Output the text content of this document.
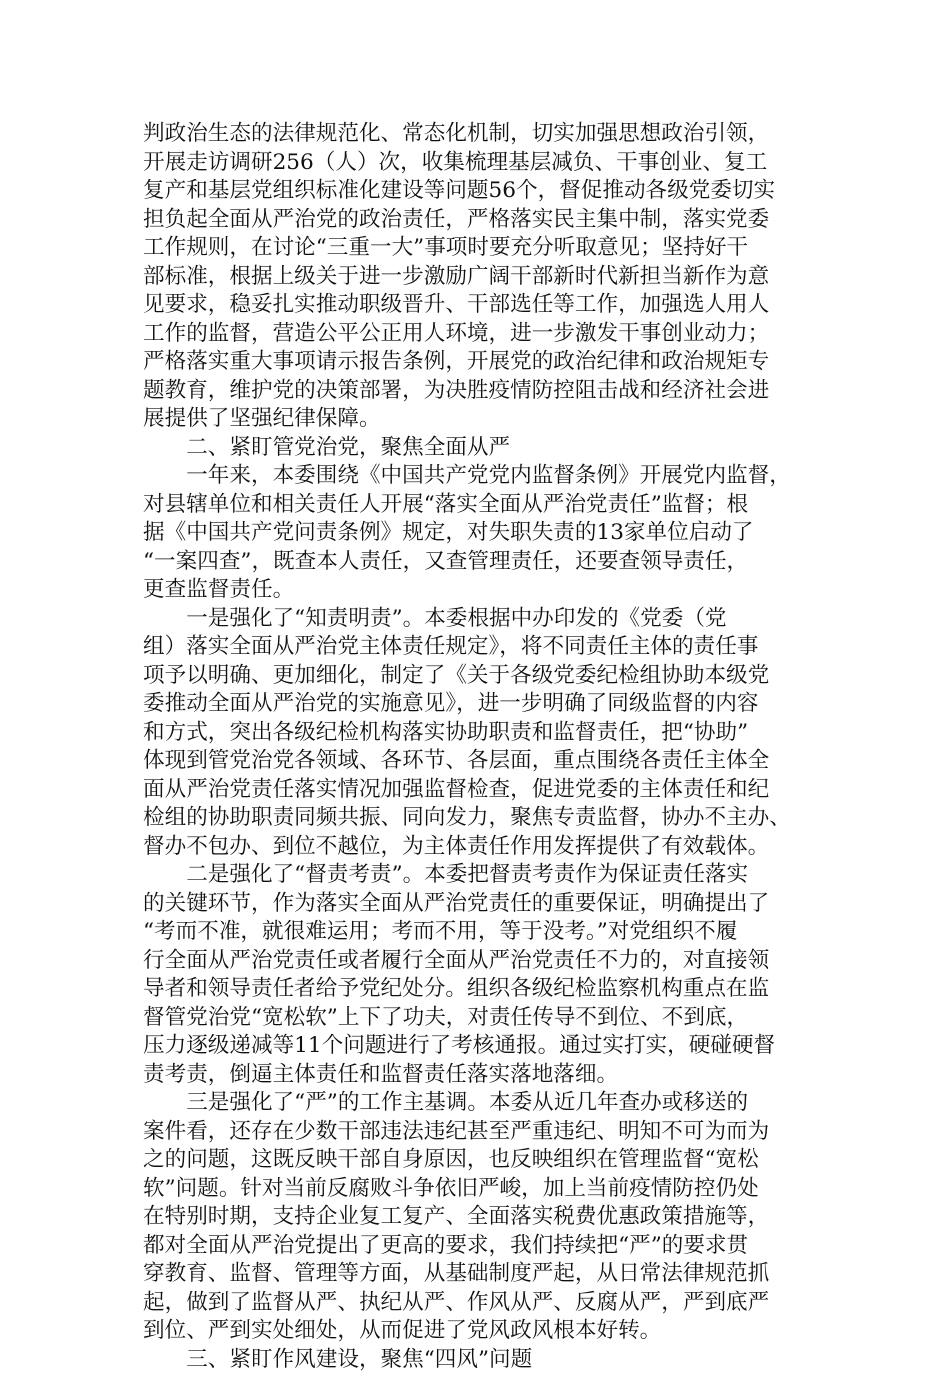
判政治生态的法律规范化、常态化机制，切实加强思想政治引领，
开展走访调研256（人）次，收集梳理基层减负、干事创业、复工
复产和基层党组织标准化建设等问题56个，督促推动各级党委切实
担负起全面从严治党的政治责任，严格落实民主集中制，落实党委
工作规则，在讨论“三重一大”事项时要充分听取意见；坚持好干
部标准，根据上级关于进一步激励广阔干部新时代新担当新作为意
见要求，稳妥扎实推动职级晋升、干部选任等工作，加强选人用人
工作的监督，营造公平公正用人环境，进一步激发干事创业动力；
严格落实重大事项请示报告条例，开展党的政治纪律和政治规矩专
题教育，维护党的决策部署，为决胜疫情防控阻击战和经济社会进
展提供了坚强纪律保障。
　　二、紧盯管党治党，聚焦全面从严
　　一年来，本委围绕《中国共产党党内监督条例》开展党内监督，
对县辖单位和相关责任人开展“落实全面从严治党责任”监督；根
据《中国共产党问责条例》规定，对失职失责的13家单位启动了
“一案四查”，既查本人责任，又查管理责任，还要查领导责任，
更查监督责任。
　　一是强化了“知责明责”。本委根据中办印发的《党委（党
组）落实全面从严治党主体责任规定》，将不同责任主体的责任事
项予以明确、更加细化，制定了《关于各级党委纪检组协助本级党
委推动全面从严治党的实施意见》，进一步明确了同级监督的内容
和方式，突出各级纪检机构落实协助职责和监督责任，把“协助”
体现到管党治党各领域、各环节、各层面，重点围绕各责任主体全
面从严治党责任落实情况加强监督检查，促进党委的主体责任和纪
检组的协助职责同频共振、同向发力，聚焦专责监督，协办不主办、
督办不包办、到位不越位，为主体责任作用发挥提供了有效载体。
　　二是强化了“督责考责”。本委把督责考责作为保证责任落实
的关键环节，作为落实全面从严治党责任的重要保证，明确提出了
“考而不准，就很难运用；考而不用，等于没考。”对党组织不履
行全面从严治党责任或者履行全面从严治党责任不力的，对直接领
导者和领导责任者给予党纪处分。组织各级纪检监察机构重点在监
督管党治党“宽松软”上下了功夫，对责任传导不到位、不到底，
压力逐级递减等11个问题进行了考核通报。通过实打实，硬碰硬督
责考责，倒逼主体责任和监督责任落实落地落细。
　　三是强化了“严”的工作主基调。本委从近几年查办或移送的
案件看，还存在少数干部违法违纪甚至严重违纪、明知不可为而为
之的问题，这既反映干部自身原因，也反映组织在管理监督“宽松
软”问题。针对当前反腐败斗争依旧严峻，加上当前疫情防控仍处
在特别时期，支持企业复工复产、全面落实税费优惠政策措施等，
都对全面从严治党提出了更高的要求，我们持续把“严”的要求贯
穿教育、监督、管理等方面，从基础制度严起，从日常法律规范抓
起，做到了监督从严、执纪从严、作风从严、反腐从严，严到底严
到位、严到实处细处，从而促进了党风政风根本好转。
　　三、紧盯作风建设，聚焦“四风”问题
